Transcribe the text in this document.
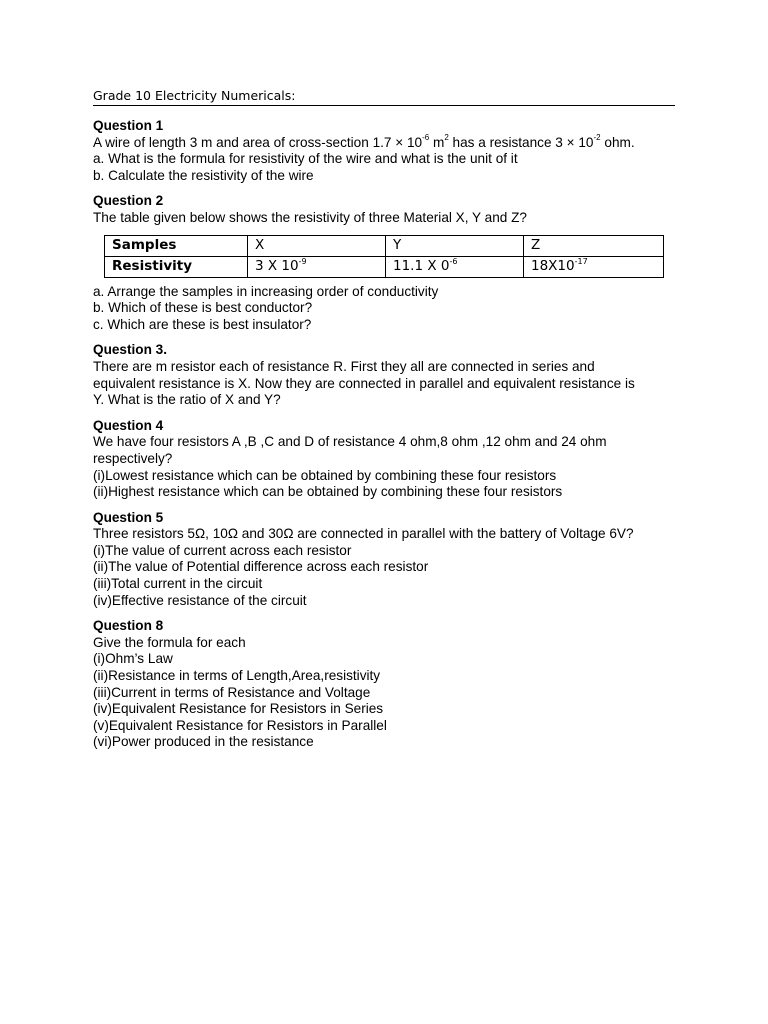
Grade 10 Electricity Numericals:
Question 1
A wire of length 3 m and area of cross-section $1.7 \times 10^{-6}$ $m^2$ has a resistance $3 \times 10^{-2}$ ohm.
a. What is the formula for resistivity of the wire and what is the unit of it
b. Calculate the resistivity of the wire
Question 2
The table given below shows the resistivity of three Material X, Y and Z?
Samples	X	Y	Z
Resistivity	3 X $10^{-9}$	11.1 X $0^{-6}$	$18X10^{-17}$
a. Arrange the samples in increasing order of conductivity
b. Which of these is best conductor?
c. Which are these is best insulator?
Question 3.
There are m resistor each of resistance R. First they all are connected in series and
equivalent resistance is X. Now they are connected in parallel and equivalent resistance is
Y. What is the ratio of X and Y?
Question 4
We have four resistors A ,B ,C and D of resistance 4 ohm,8 ohm ,12 ohm and 24 ohm
respectively?
(i)Lowest resistance which can be obtained by combining these four resistors
(ii)Highest resistance which can be obtained by combining these four resistors
Question 5
Three resistors 5Ω, 10Ω and 30Ω are connected in parallel with the battery of Voltage 6V?
(i)The value of current across each resistor
(ii)The value of Potential difference across each resistor
(iii)Total current in the circuit
(iv)Effective resistance of the circuit
Question 8
Give the formula for each
(i)Ohm’s Law
(ii)Resistance in terms of Length,Area,resistivity
(iii)Current in terms of Resistance and Voltage
(iv)Equivalent Resistance for Resistors in Series
(v)Equivalent Resistance for Resistors in Parallel
(vi)Power produced in the resistance
